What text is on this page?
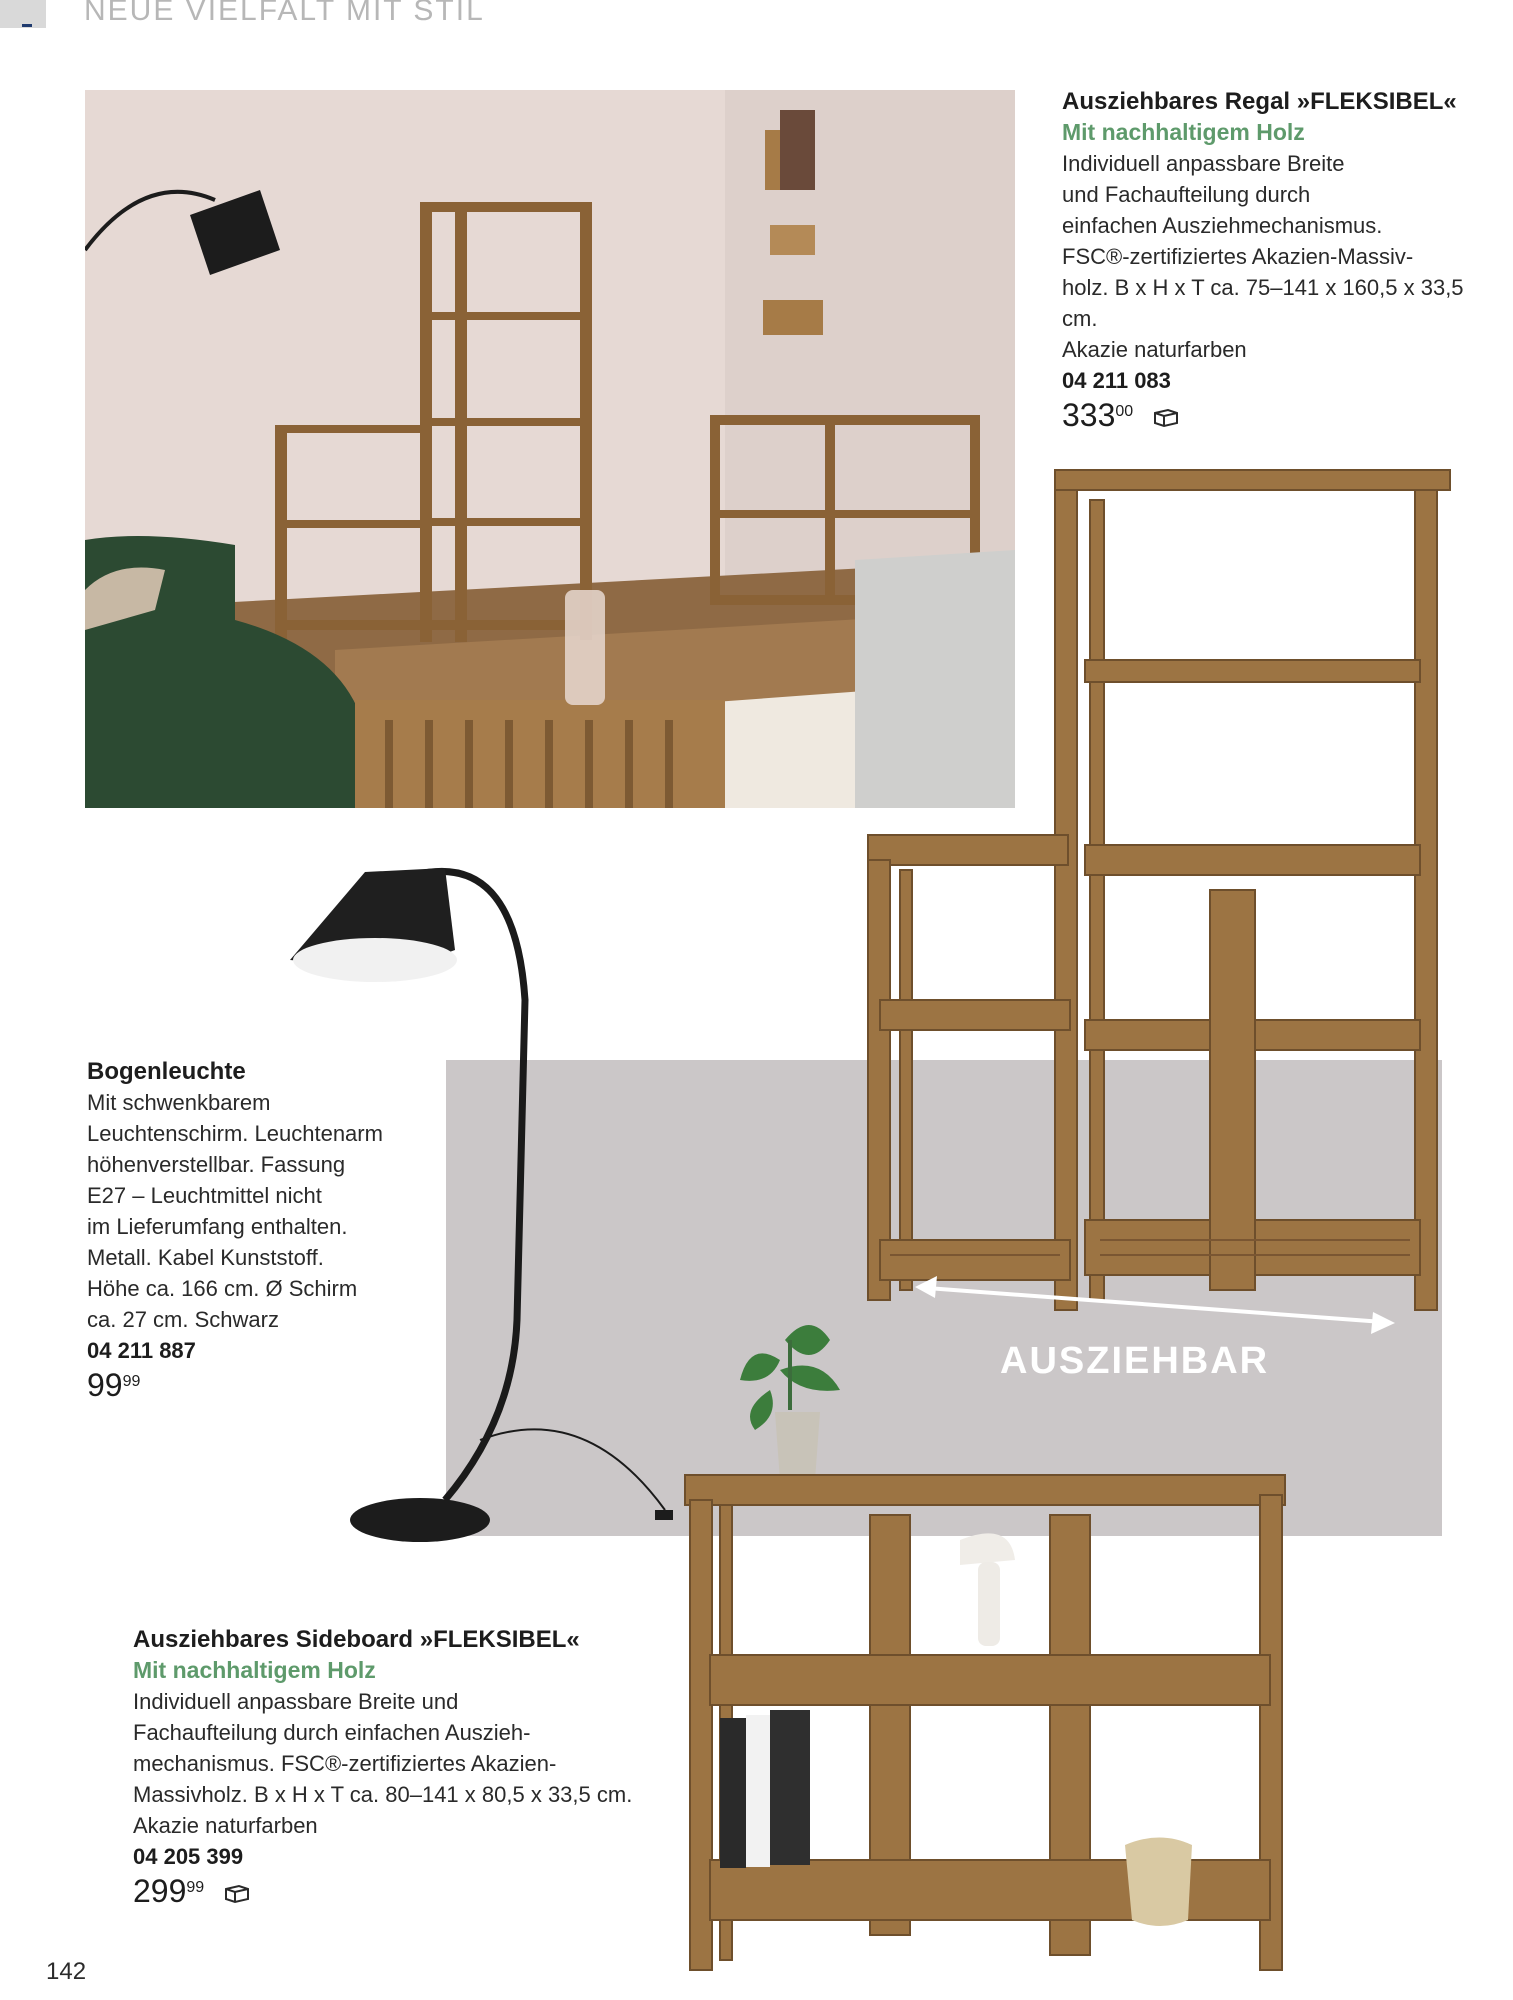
NEUE VIELFALT MIT STIL
AUSZIEHBAR
Ausziehbares Regal »FLEKSIBEL«
Mit nachhaltigem Holz
Individuell anpassbare Breite
und Fachaufteilung durch
einfachen Ausziehmechanismus.
FSC®-zertifiziertes Akazien-Massiv-
holz. B x H x T ca. 75–141 x 160,5 x 33,5 cm.
Akazie naturfarben
04 211 083
$333^{00}$
Bogenleuchte
Mit schwenkbarem
Leuchtenschirm. Leuchtenarm
höhenverstellbar. Fassung
E27 – Leuchtmittel nicht
im Lieferumfang enthalten.
Metall. Kabel Kunststoff.
Höhe ca. 166 cm. Ø Schirm
ca. 27 cm. Schwarz
04 211 887
$99^{99}$
Ausziehbares Sideboard »FLEKSIBEL«
Mit nachhaltigem Holz
Individuell anpassbare Breite und
Fachaufteilung durch einfachen Auszieh-
mechanismus. FSC®-zertifiziertes Akazien-
Massivholz. B x H x T ca. 80–141 x 80,5 x 33,5 cm.
Akazie naturfarben
04 205 399
$299^{99}$
142
